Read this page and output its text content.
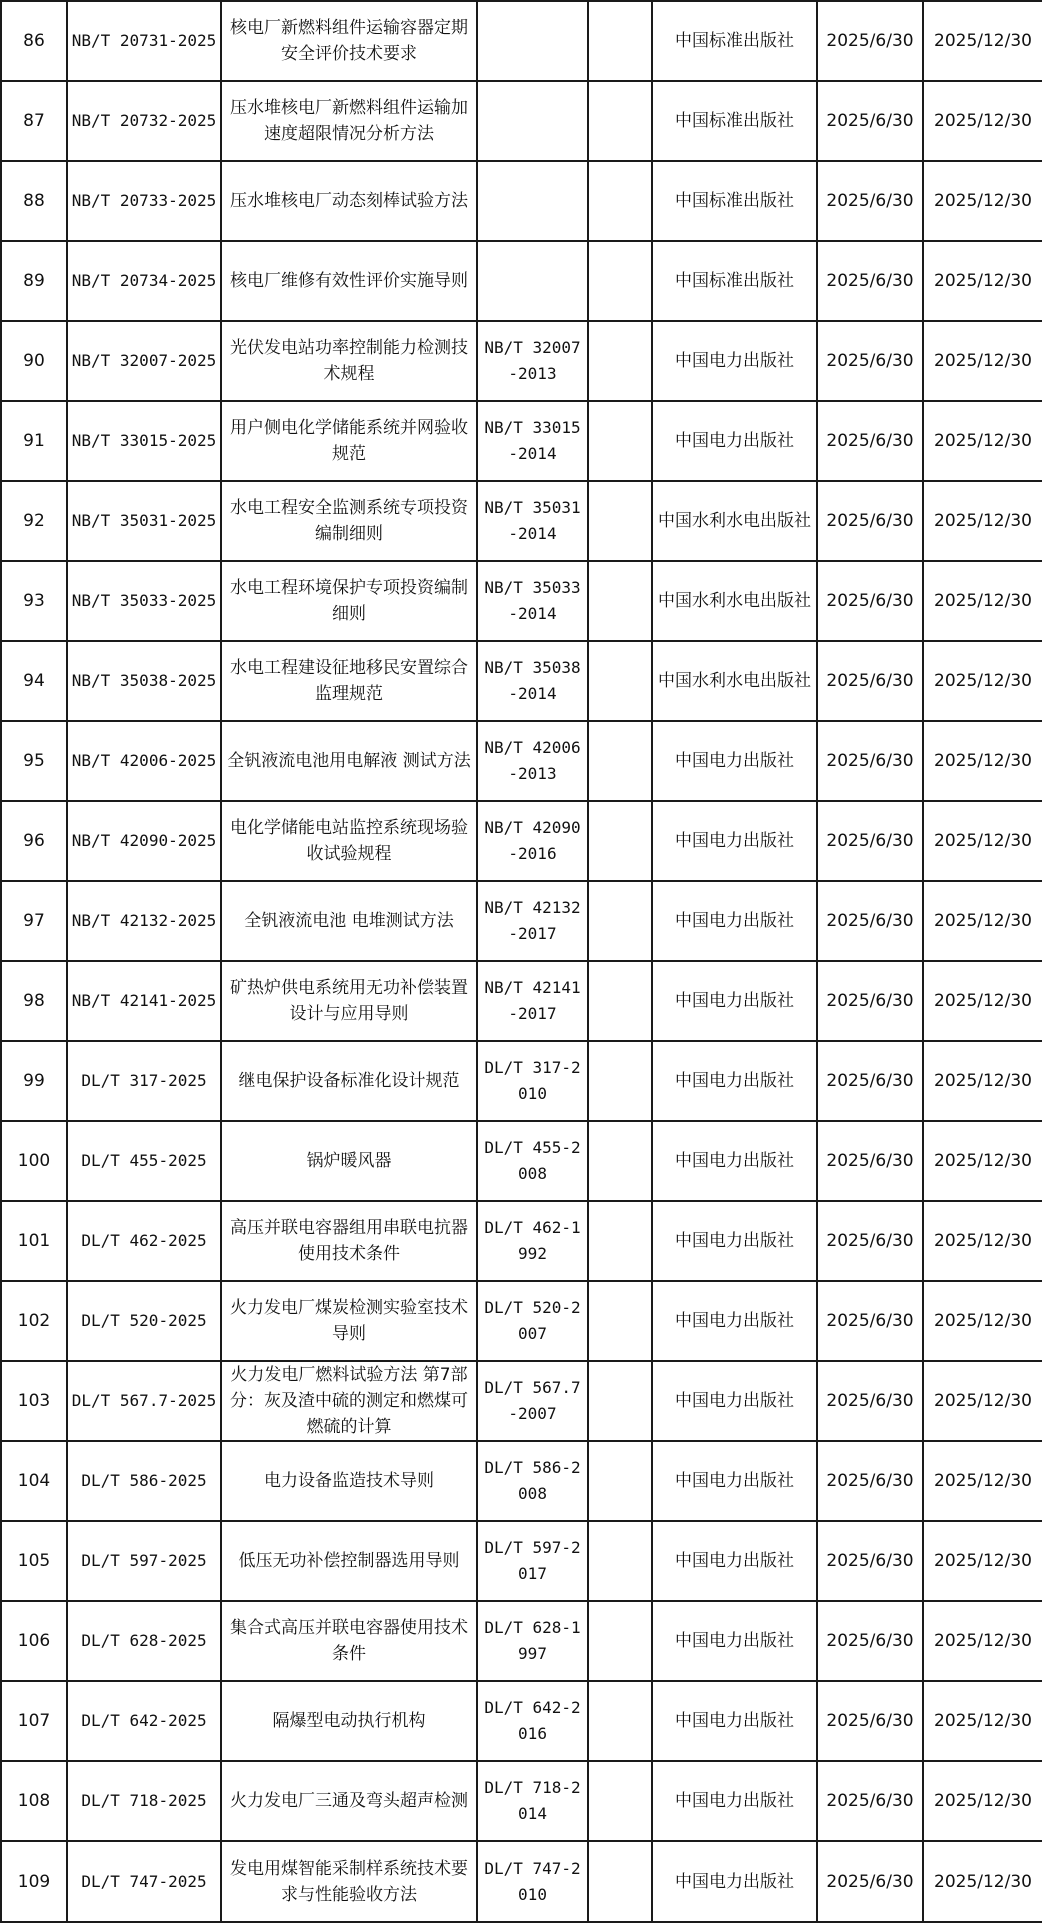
86	NB/T 20731-2025	核电厂新燃料组件运输容器定期安全评价技术要求			中国标准出版社	2025/6/30	2025/12/30
87	NB/T 20732-2025	压水堆核电厂新燃料组件运输加速度超限情况分析方法			中国标准出版社	2025/6/30	2025/12/30
88	NB/T 20733-2025	压水堆核电厂动态刻棒试验方法			中国标准出版社	2025/6/30	2025/12/30
89	NB/T 20734-2025	核电厂维修有效性评价实施导则			中国标准出版社	2025/6/30	2025/12/30
90	NB/T 32007-2025	光伏发电站功率控制能力检测技术规程	NB/T 32007-2013		中国电力出版社	2025/6/30	2025/12/30
91	NB/T 33015-2025	用户侧电化学储能系统并网验收规范	NB/T 33015-2014		中国电力出版社	2025/6/30	2025/12/30
92	NB/T 35031-2025	水电工程安全监测系统专项投资编制细则	NB/T 35031-2014		中国水利水电出版社	2025/6/30	2025/12/30
93	NB/T 35033-2025	水电工程环境保护专项投资编制细则	NB/T 35033-2014		中国水利水电出版社	2025/6/30	2025/12/30
94	NB/T 35038-2025	水电工程建设征地移民安置综合监理规范	NB/T 35038-2014		中国水利水电出版社	2025/6/30	2025/12/30
95	NB/T 42006-2025	全钒液流电池用电解液 测试方法	NB/T 42006-2013		中国电力出版社	2025/6/30	2025/12/30
96	NB/T 42090-2025	电化学储能电站监控系统现场验收试验规程	NB/T 42090-2016		中国电力出版社	2025/6/30	2025/12/30
97	NB/T 42132-2025	全钒液流电池 电堆测试方法	NB/T 42132-2017		中国电力出版社	2025/6/30	2025/12/30
98	NB/T 42141-2025	矿热炉供电系统用无功补偿装置设计与应用导则	NB/T 42141-2017		中国电力出版社	2025/6/30	2025/12/30
99	DL/T 317-2025	继电保护设备标准化设计规范	DL/T 317-2010		中国电力出版社	2025/6/30	2025/12/30
100	DL/T 455-2025	锅炉暖风器	DL/T 455-2008		中国电力出版社	2025/6/30	2025/12/30
101	DL/T 462-2025	高压并联电容器组用串联电抗器使用技术条件	DL/T 462-1992		中国电力出版社	2025/6/30	2025/12/30
102	DL/T 520-2025	火力发电厂煤炭检测实验室技术导则	DL/T 520-2007		中国电力出版社	2025/6/30	2025/12/30
103	DL/T 567.7-2025	火力发电厂燃料试验方法 第7部分：灰及渣中硫的测定和燃煤可燃硫的计算	DL/T 567.7-2007		中国电力出版社	2025/6/30	2025/12/30
104	DL/T 586-2025	电力设备监造技术导则	DL/T 586-2008		中国电力出版社	2025/6/30	2025/12/30
105	DL/T 597-2025	低压无功补偿控制器选用导则	DL/T 597-2017		中国电力出版社	2025/6/30	2025/12/30
106	DL/T 628-2025	集合式高压并联电容器使用技术条件	DL/T 628-1997		中国电力出版社	2025/6/30	2025/12/30
107	DL/T 642-2025	隔爆型电动执行机构	DL/T 642-2016		中国电力出版社	2025/6/30	2025/12/30
108	DL/T 718-2025	火力发电厂三通及弯头超声检测	DL/T 718-2014		中国电力出版社	2025/6/30	2025/12/30
109	DL/T 747-2025	发电用煤智能采制样系统技术要求与性能验收方法	DL/T 747-2010		中国电力出版社	2025/6/30	2025/12/30
